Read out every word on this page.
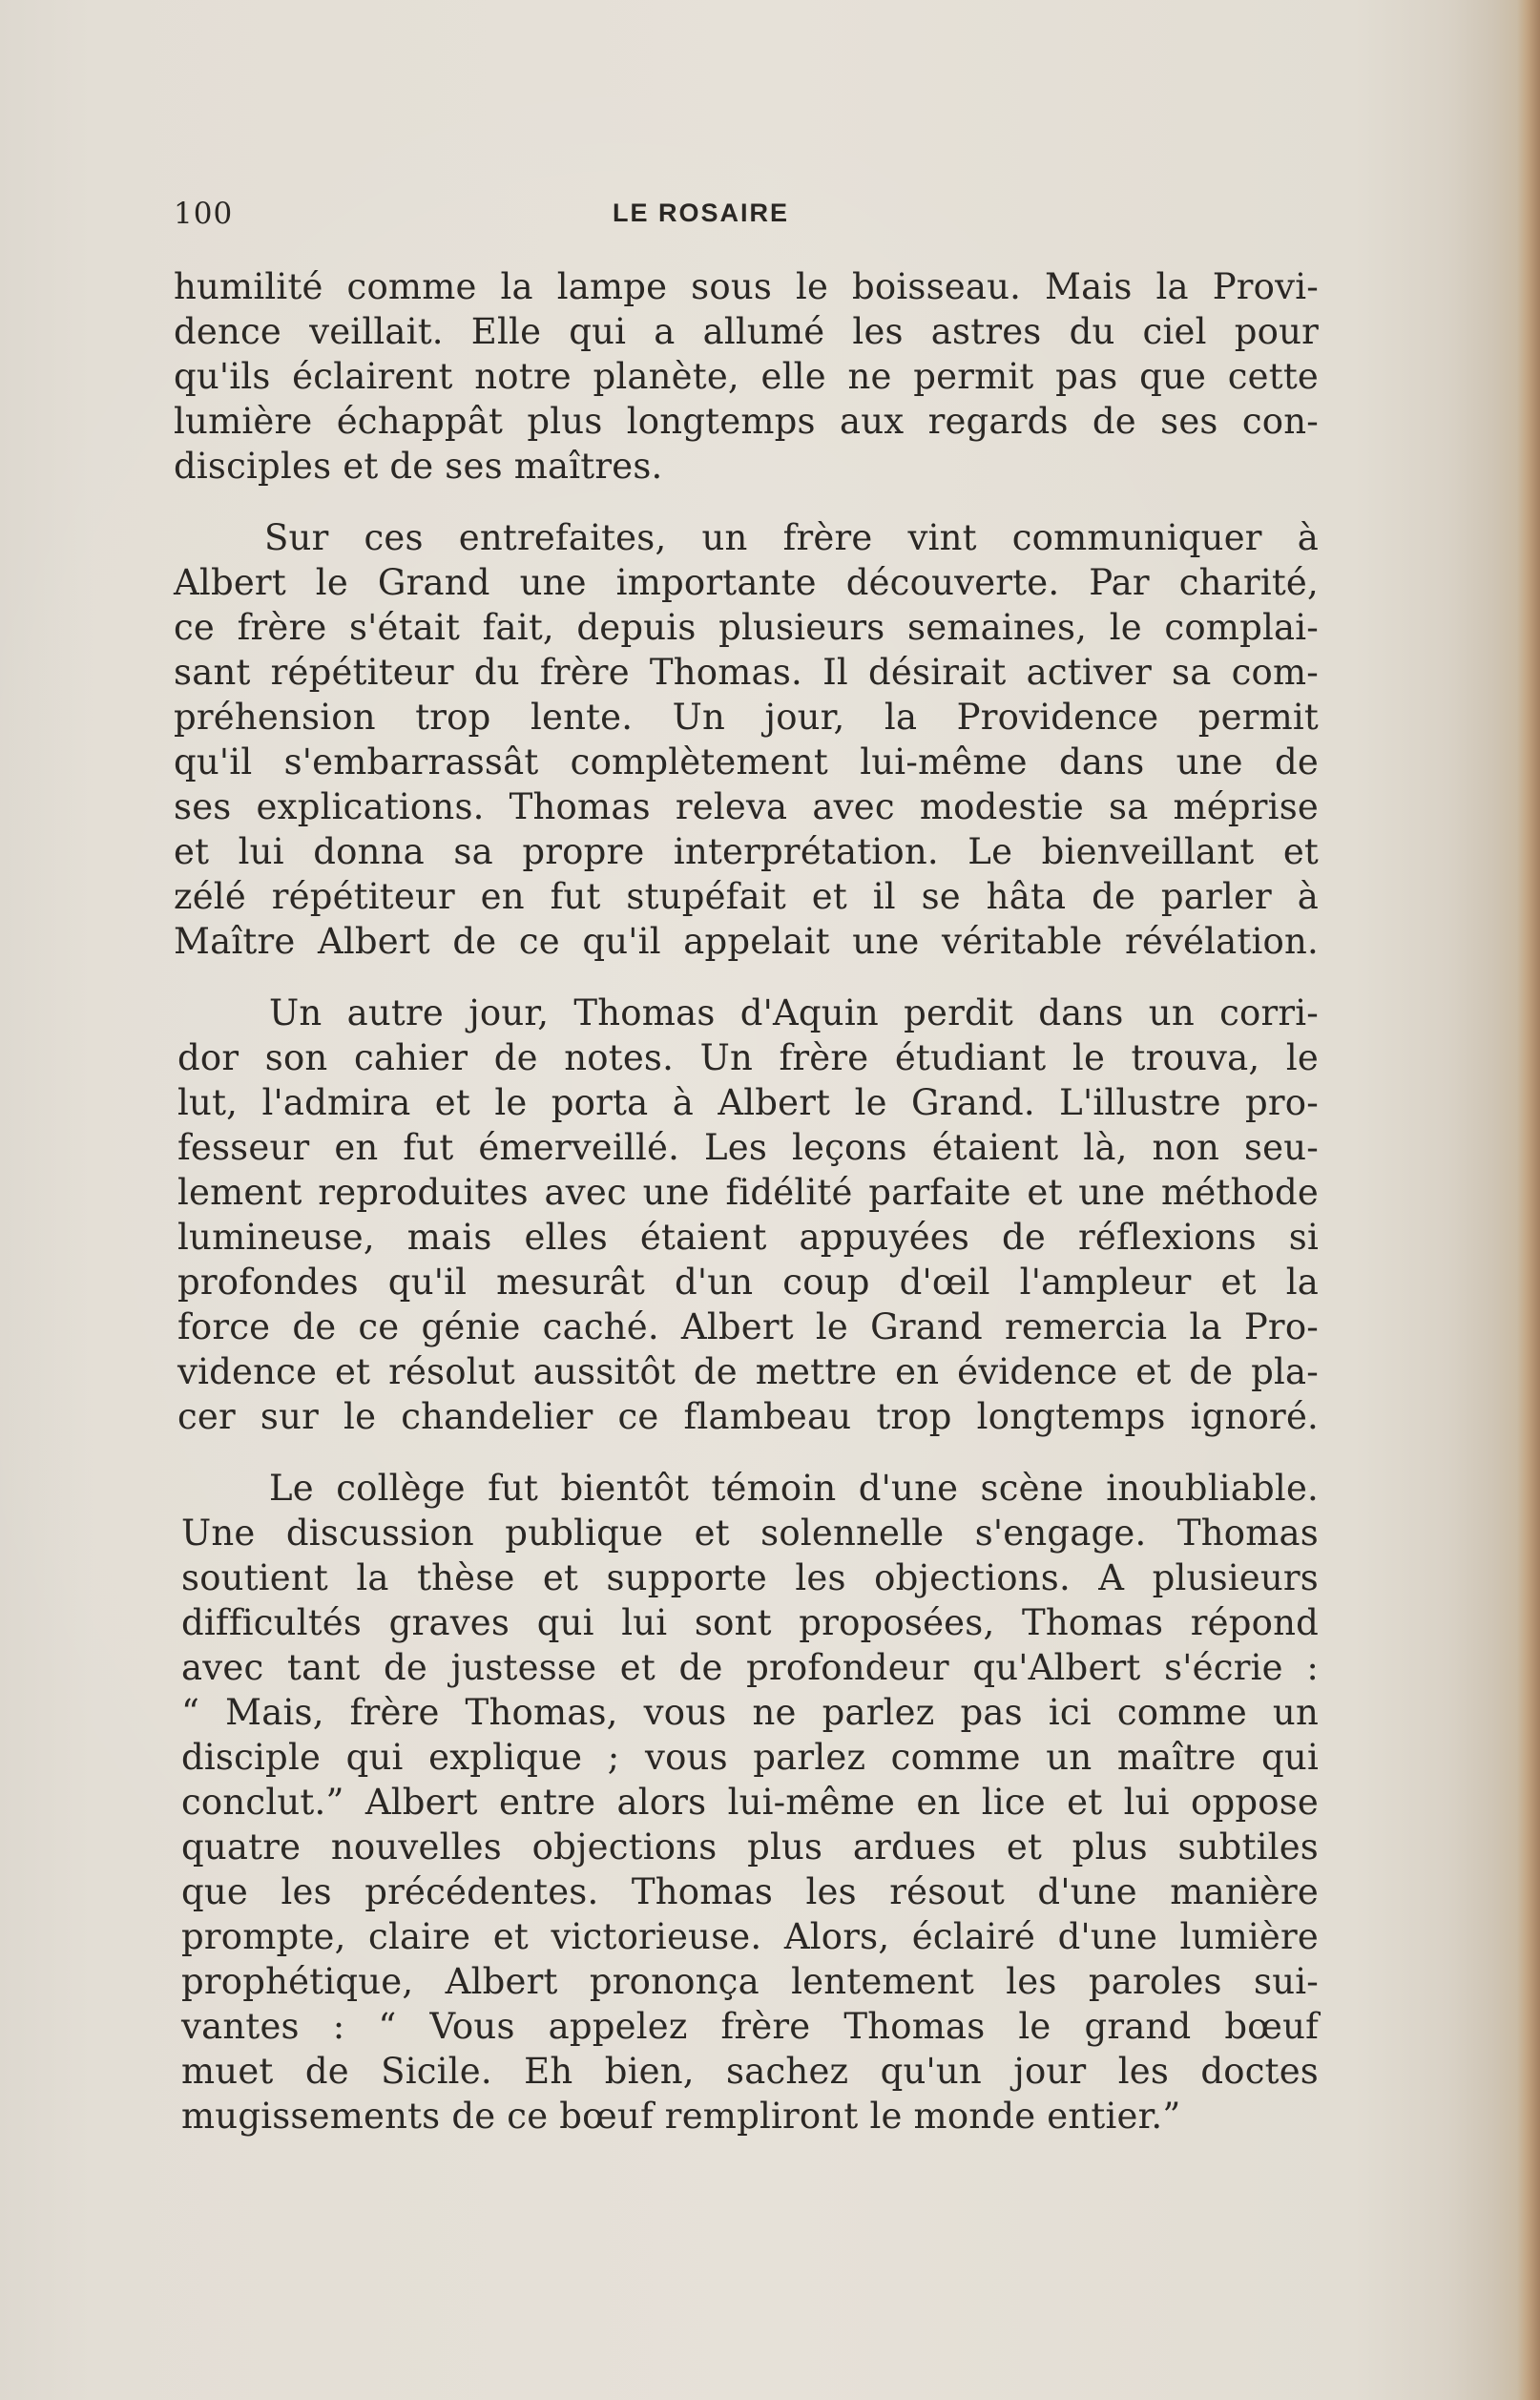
100	LE ROSAIRE
humilité comme la lampe sous le boisseau. Mais la Provi-
dence veillait. Elle qui a allumé les astres du ciel pour
qu'ils éclairent notre planète, elle ne permit pas que cette
lumière échappât plus longtemps aux regards de ses con-
disciples et de ses maîtres.
Sur ces entrefaites, un frère vint communiquer à
Albert le Grand une importante découverte. Par charité,
ce frère s'était fait, depuis plusieurs semaines, le complai-
sant répétiteur du frère Thomas. Il désirait activer sa com-
préhension trop lente. Un jour, la Providence permit
qu'il s'embarrassât complètement lui-même dans une de
ses explications. Thomas releva avec modestie sa méprise
et lui donna sa propre interprétation. Le bienveillant et
zélé répétiteur en fut stupéfait et il se hâta de parler à
Maître Albert de ce qu'il appelait une véritable révélation.
Un autre jour, Thomas d'Aquin perdit dans un corri-
dor son cahier de notes. Un frère étudiant le trouva, le
lut, l'admira et le porta à Albert le Grand. L'illustre pro-
fesseur en fut émerveillé. Les leçons étaient là, non seu-
lement reproduites avec une fidélité parfaite et une méthode
lumineuse, mais elles étaient appuyées de réflexions si
profondes qu'il mesurât d'un coup d'œil l'ampleur et la
force de ce génie caché. Albert le Grand remercia la Pro-
vidence et résolut aussitôt de mettre en évidence et de pla-
cer sur le chandelier ce flambeau trop longtemps ignoré.
Le collège fut bientôt témoin d'une scène inoubliable.
Une discussion publique et solennelle s'engage. Thomas
soutient la thèse et supporte les objections. A plusieurs
difficultés graves qui lui sont proposées, Thomas répond
avec tant de justesse et de profondeur qu'Albert s'écrie :
“ Mais, frère Thomas, vous ne parlez pas ici comme un
disciple qui explique ; vous parlez comme un maître qui
conclut.” Albert entre alors lui-même en lice et lui oppose
quatre nouvelles objections plus ardues et plus subtiles
que les précédentes. Thomas les résout d'une manière
prompte, claire et victorieuse. Alors, éclairé d'une lumière
prophétique, Albert prononça lentement les paroles sui-
vantes : “ Vous appelez frère Thomas le grand bœuf
muet de Sicile. Eh bien, sachez qu'un jour les doctes
mugissements de ce bœuf rempliront le monde entier.”
